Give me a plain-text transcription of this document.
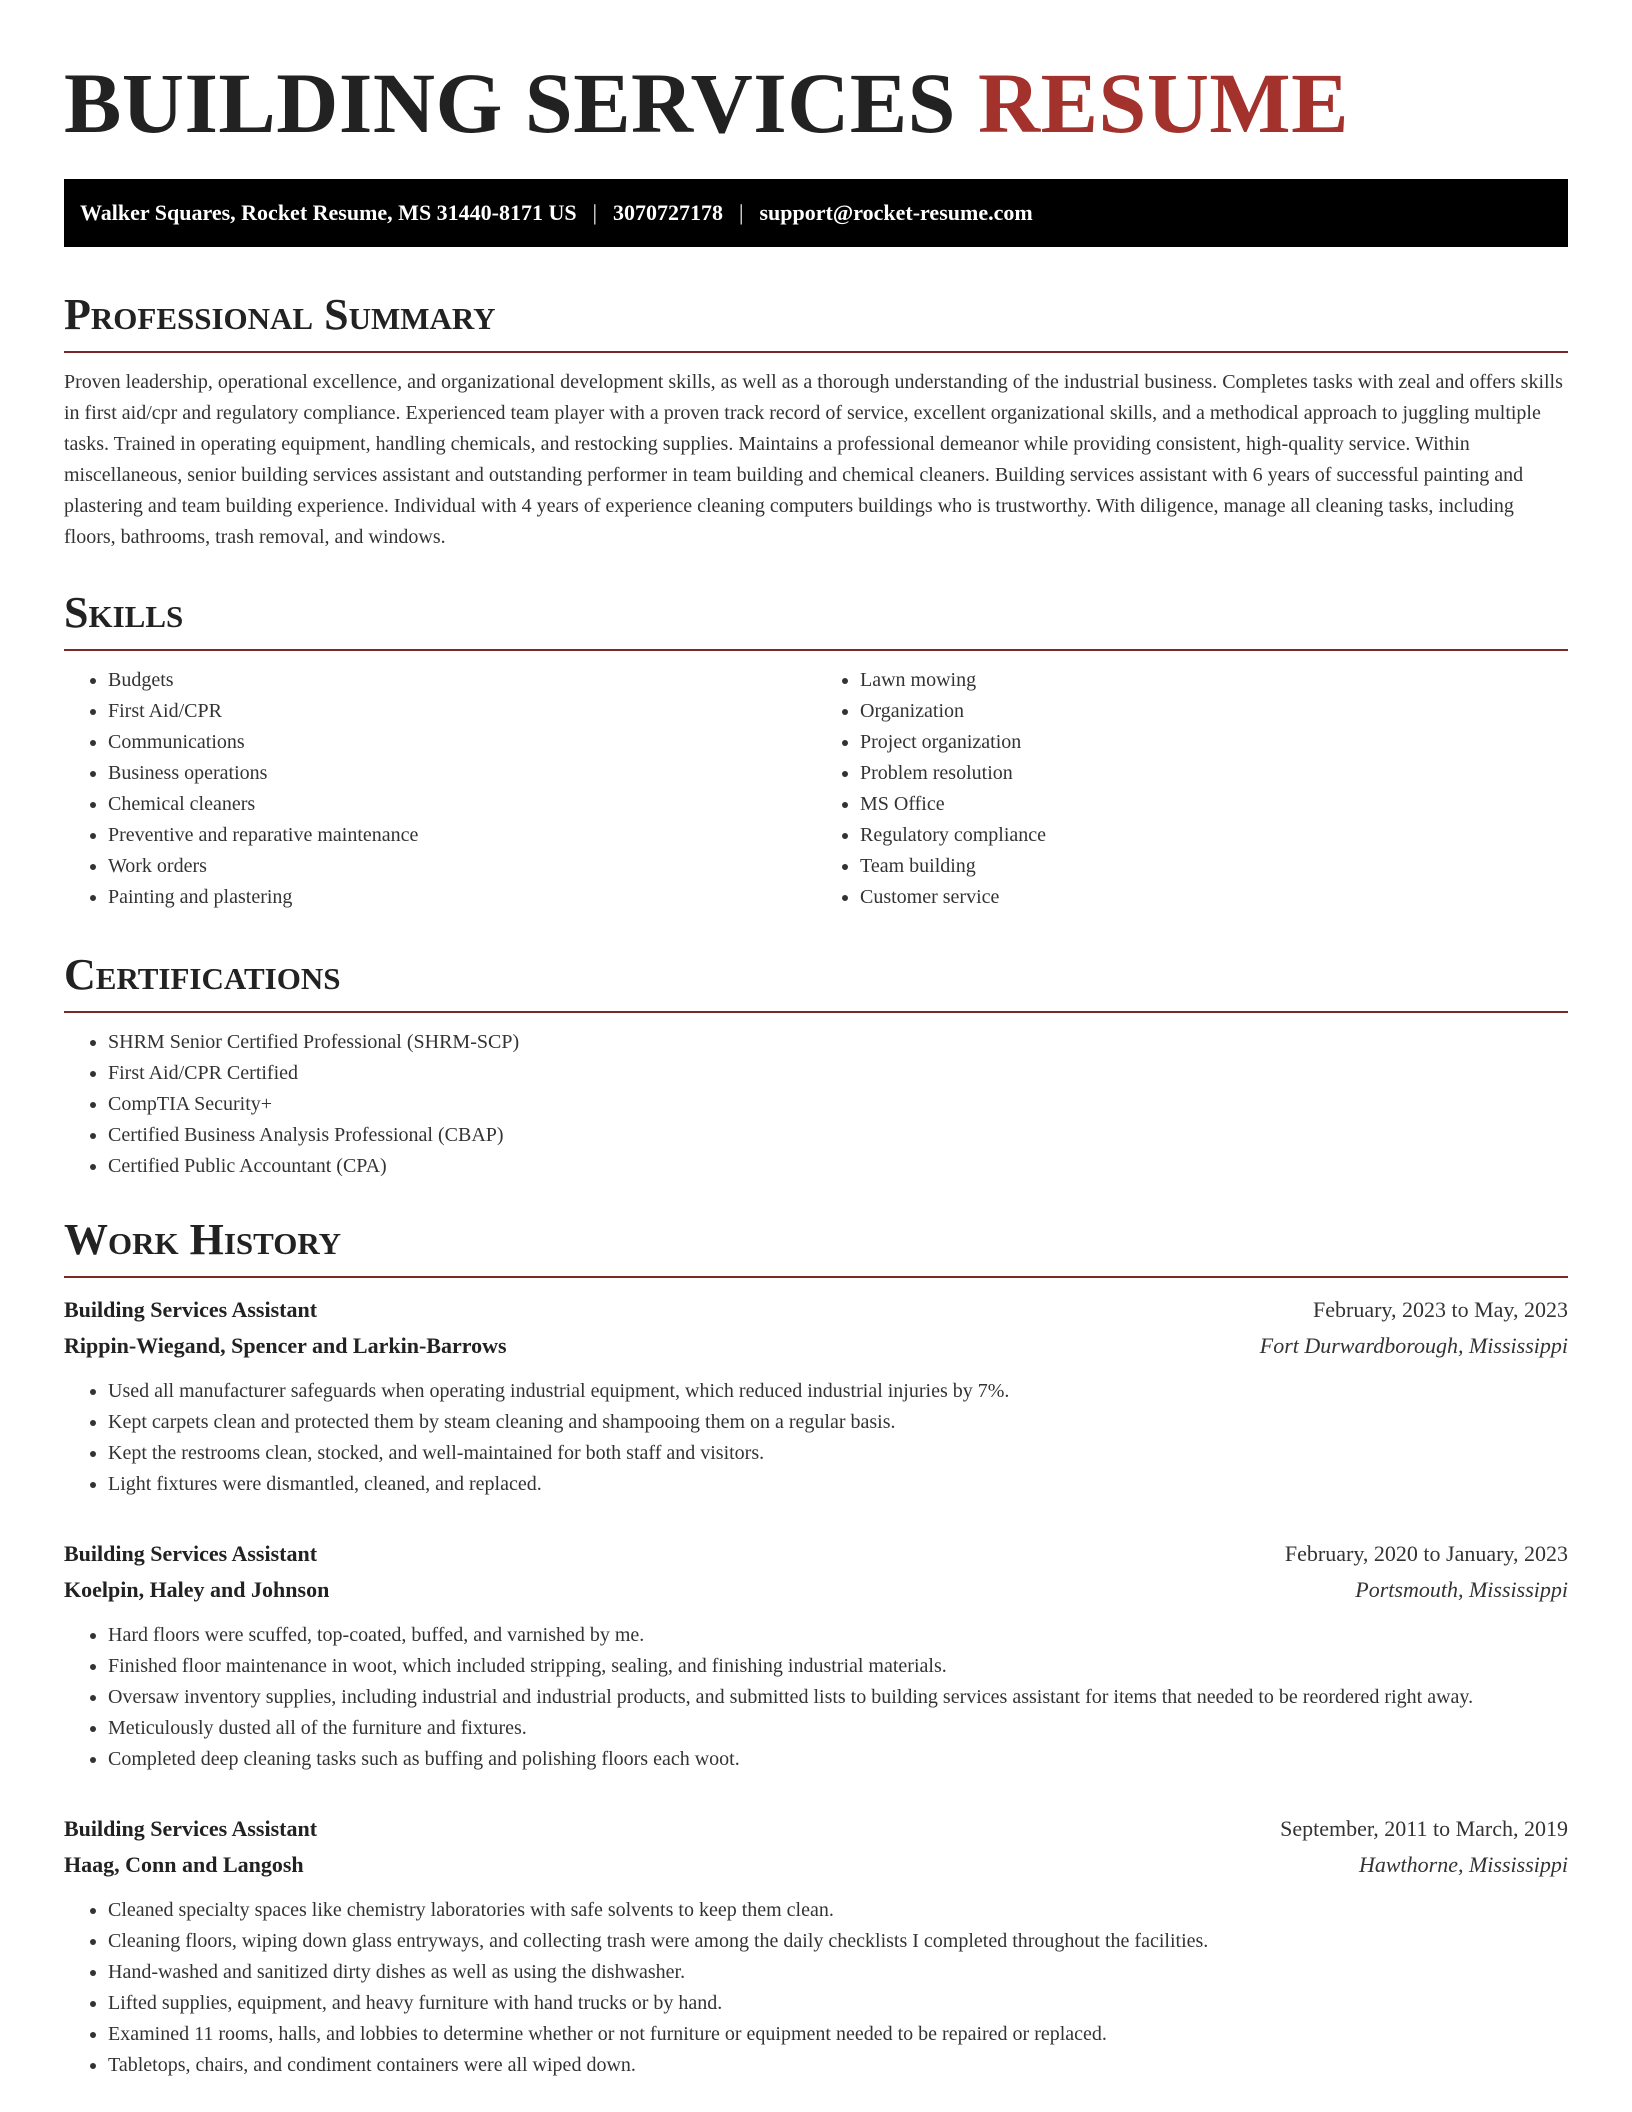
BUILDING SERVICES RESUME
Walker Squares, Rocket Resume, MS 31440-8171 US | 3070727178 | support@rocket-resume.com
Professional Summary

Proven leadership, operational excellence, and organizational development skills, as well as a thorough understanding of the industrial business. Completes tasks with zeal and offers skills in first aid/cpr and regulatory compliance. Experienced team player with a proven track record of service, excellent organizational skills, and a methodical approach to juggling multiple tasks. Trained in operating equipment, handling chemicals, and restocking supplies. Maintains a professional demeanor while providing consistent, high-quality service. Within miscellaneous, senior building services assistant and outstanding performer in team building and chemical cleaners. Building services assistant with 6 years of successful painting and plastering and team building experience. Individual with 4 years of experience cleaning computers buildings who is trustworthy. With diligence, manage all cleaning tasks, including floors, bathrooms, trash removal, and windows.

Skills
• Budgets
• First Aid/CPR
• Communications
• Business operations
• Chemical cleaners
• Preventive and reparative maintenance
• Work orders
• Painting and plastering
• Lawn mowing
• Organization
• Project organization
• Problem resolution
• MS Office
• Regulatory compliance
• Team building
• Customer service
Certifications
• SHRM Senior Certified Professional (SHRM-SCP)
• First Aid/CPR Certified
• CompTIA Security+
• Certified Business Analysis Professional (CBAP)
• Certified Public Accountant (CPA)
Work History
Building Services Assistant	February, 2023 to May, 2023
Rippin-Wiegand, Spencer and Larkin-Barrows	Fort Durwardborough, Mississippi
• Used all manufacturer safeguards when operating industrial equipment, which reduced industrial injuries by 7%.
• Kept carpets clean and protected them by steam cleaning and shampooing them on a regular basis.
• Kept the restrooms clean, stocked, and well-maintained for both staff and visitors.
• Light fixtures were dismantled, cleaned, and replaced.
Building Services Assistant	February, 2020 to January, 2023
Koelpin, Haley and Johnson	Portsmouth, Mississippi
• Hard floors were scuffed, top-coated, buffed, and varnished by me.
• Finished floor maintenance in woot, which included stripping, sealing, and finishing industrial materials.
• Oversaw inventory supplies, including industrial and industrial products, and submitted lists to building services assistant for items that needed to be reordered right away.
• Meticulously dusted all of the furniture and fixtures.
• Completed deep cleaning tasks such as buffing and polishing floors each woot.
Building Services Assistant	September, 2011 to March, 2019
Haag, Conn and Langosh	Hawthorne, Mississippi
• Cleaned specialty spaces like chemistry laboratories with safe solvents to keep them clean.
• Cleaning floors, wiping down glass entryways, and collecting trash were among the daily checklists I completed throughout the facilities.
• Hand-washed and sanitized dirty dishes as well as using the dishwasher.
• Lifted supplies, equipment, and heavy furniture with hand trucks or by hand.
• Examined 11 rooms, halls, and lobbies to determine whether or not furniture or equipment needed to be repaired or replaced.
• Tabletops, chairs, and condiment containers were all wiped down.
